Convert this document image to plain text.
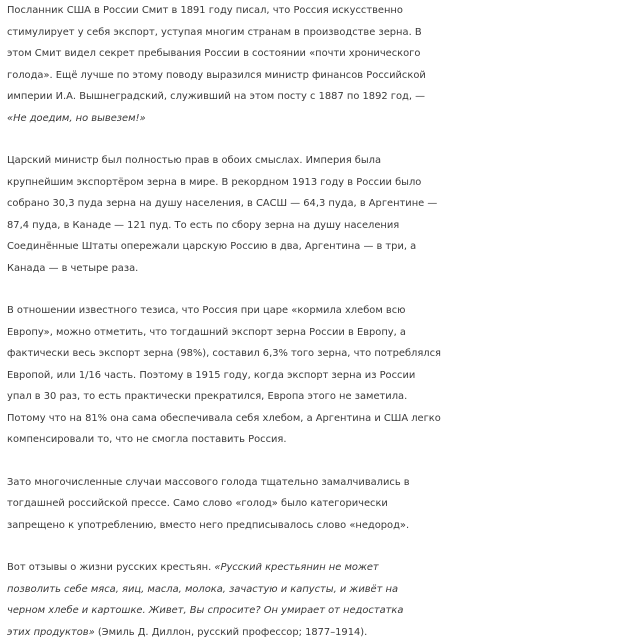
Посланник США в России Смит в 1891 году писал, что Россия искусственно
стимулирует у себя экспорт, уступая многим странам в производстве зерна. В
этом Смит видел секрет пребывания России в состоянии «почти хронического
голода». Ещё лучше по этому поводу выразился министр финансов Российской
империи И.А. Вышнеградский, служивший на этом посту с 1887 по 1892 год, —
«Не доедим, но вывезем!»

Царский министр был полностью прав в обоих смыслах. Империя была
крупнейшим экспортёром зерна в мире. В рекордном 1913 году в России было
собрано 30,3 пуда зерна на душу населения, в САСШ — 64,3 пуда, в Аргентине —
87,4 пуда, в Канаде — 121 пуд. То есть по сбору зерна на душу населения
Соединённые Штаты опережали царскую Россию в два, Аргентина — в три, а
Канада — в четыре раза.

В отношении известного тезиса, что Россия при царе «кормила хлебом всю
Европу», можно отметить, что тогдашний экспорт зерна России в Европу, а
фактически весь экспорт зерна (98%), составил 6,3% того зерна, что потреблялся
Европой, или 1/16 часть. Поэтому в 1915 году, когда экспорт зерна из России
упал в 30 раз, то есть практически прекратился, Европа этого не заметила.
Потому что на 81% она сама обеспечивала себя хлебом, а Аргентина и США легко
компенсировали то, что не смогла поставить Россия.

Зато многочисленные случаи массового голода тщательно замалчивались в
тогдашней российской прессе. Само слово «голод» было категорически
запрещено к употреблению, вместо него предписывалось слово «недород».

Вот отзывы о жизни русских крестьян. «Русский крестьянин не может
позволить себе мяса, яиц, масла, молока, зачастую и капусты, и живёт на
черном хлебе и картошке. Живет, Вы спросите? Он умирает от недостатка
этих продуктов» (Эмиль Д. Диллон, русский профессор; 1877–1914).
